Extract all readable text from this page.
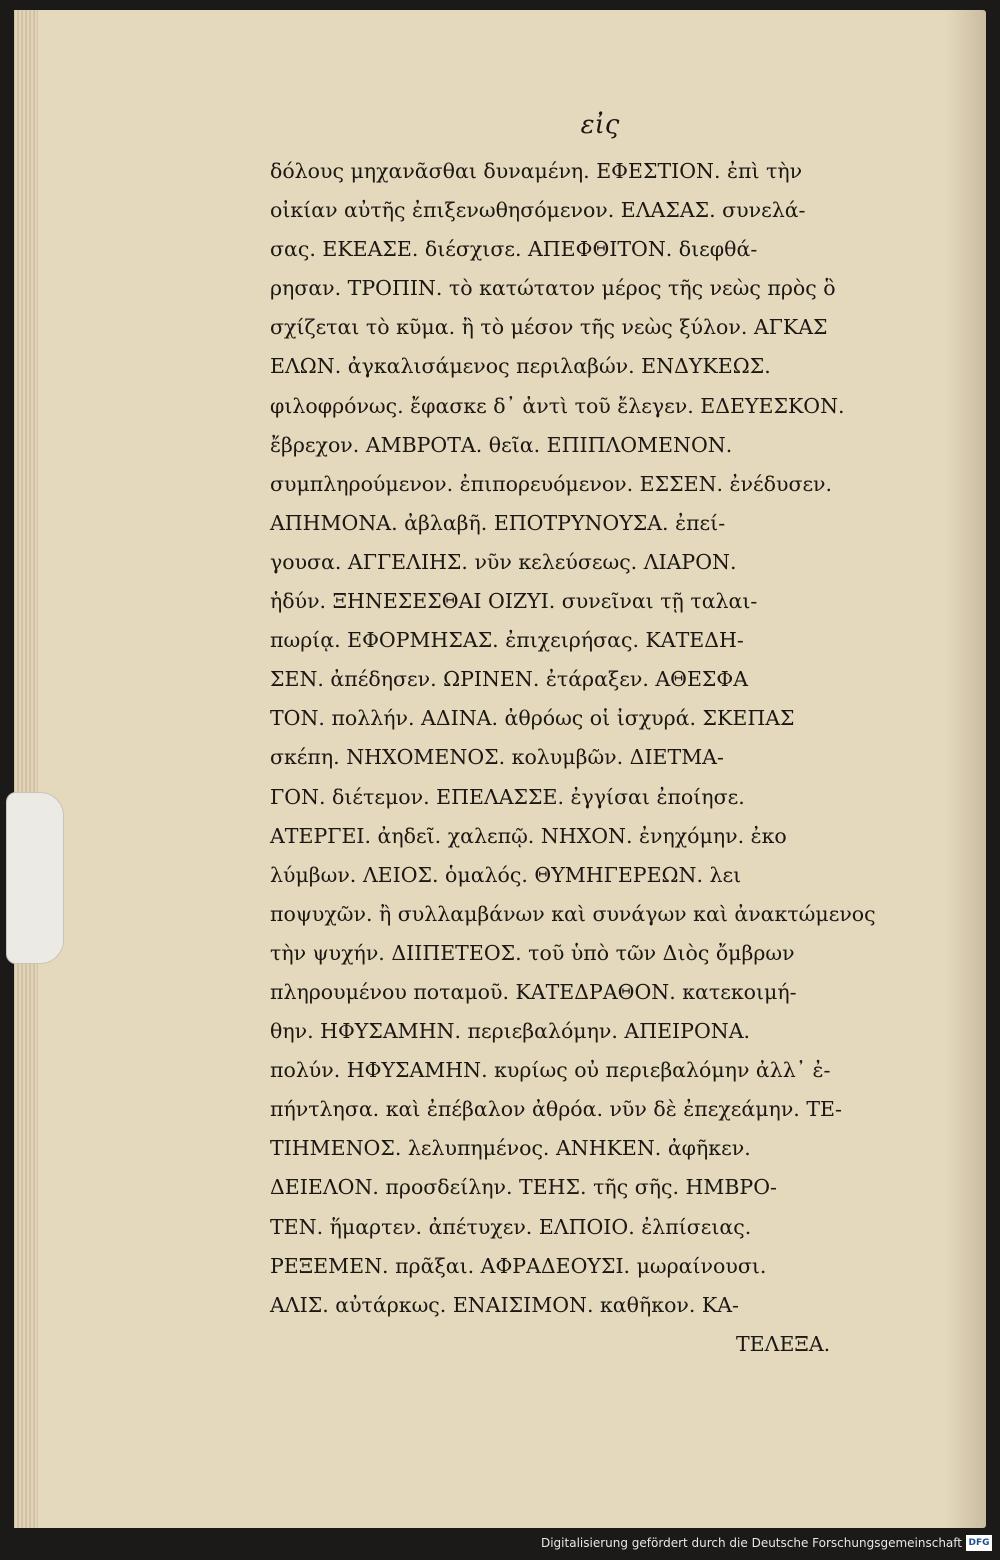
εἰς
δόλους μηχανᾶσθαι δυναμένη. ΕΦΕΣΤΙΟΝ. ἐπὶ τὴν
οἰκίαν αὐτῆς ἐπιξενωθησόμενον. ΕΛΑΣΑΣ. συνελά-
σας. ΕΚΕΑΣΕ. διέσχισε. ΑΠΕΦΘΙΤΟΝ. διεφθά-
ρησαν. ΤΡΟΠΙΝ. τὸ κατώτατον μέρος τῆς νεὼς πρὸς ὃ
σχίζεται τὸ κῦμα. ἢ τὸ μέσον τῆς νεὼς ξύλον. ΑΓΚΑΣ
ΕΛΩΝ. ἀγκαλισάμενος περιλαβών. ΕΝΔΥΚΕΩΣ.
φιλοφρόνως. ἔφασκε δ᾽ ἀντὶ τοῦ ἔλεγεν. ΕΔΕΥΕΣΚΟΝ.
ἔβρεχον. ΑΜΒΡΟΤΑ. θεῖα. ΕΠΙΠΛΟΜΕΝΟΝ.
συμπληρούμενον. ἐπιπορευόμενον. ΕΣΣΕΝ. ἐνέδυσεν.
ΑΠΗΜΟΝΑ. ἀβλαβῆ. ΕΠΟΤΡΥΝΟΥΣΑ. ἐπεί-
γουσα. ΑΓΓΕΛΙΗΣ. νῦν κελεύσεως. ΛΙΑΡΟΝ.
ἡδύν. ΞΗΝΕΣΕΣΘΑΙ ΟΙΖΥΙ. συνεῖναι τῇ ταλαι-
πωρίᾳ. ΕΦΟΡΜΗΣΑΣ. ἐπιχειρήσας. ΚΑΤΕΔΗ-
ΣΕΝ. ἀπέδησεν. ΩΡΙΝΕΝ. ἐτάραξεν. ΑΘΕΣΦΑ
ΤΟΝ. πολλήν. ΑΔΙΝΑ. ἀθρόως οἱ ἰσχυρά. ΣΚΕΠΑΣ
σκέπη. ΝΗΧΟΜΕΝΟΣ. κολυμβῶν. ΔΙΕΤΜΑ-
ΓΟΝ. διέτεμον. ΕΠΕΛΑΣΣΕ. ἐγγίσαι ἐποίησε.
ΑΤΕΡΓΕΙ. ἀηδεῖ. χαλεπῷ. ΝΗΧΟΝ. ἐνηχόμην. ἐκο
λύμβων. ΛΕΙΟΣ. ὁμαλός. ΘΥΜΗΓΕΡΕΩΝ. λει
ποψυχῶν. ἢ συλλαμβάνων καὶ συνάγων καὶ ἀνακτώμενος
τὴν ψυχήν. ΔΙΙΠΕΤΕΟΣ. τοῦ ὑπὸ τῶν Διὸς ὄμβρων
πληρουμένου ποταμοῦ. ΚΑΤΕΔΡΑΘΟΝ. κατεκοιμή-
θην. ΗΦΥΣΑΜΗΝ. περιεβαλόμην. ΑΠΕΙΡΟΝΑ.
πολύν. ΗΦΥΣΑΜΗΝ. κυρίως οὐ περιεβαλόμην ἀλλ᾽ ἐ-
πήντλησα. καὶ ἐπέβαλον ἀθρόα. νῦν δὲ ἐπεχεάμην. ΤΕ-
ΤΙΗΜΕΝΟΣ. λελυπημένος. ΑΝΗΚΕΝ. ἀφῆκεν.
ΔΕΙΕΛΟΝ. προσδείλην. ΤΕΗΣ. τῆς σῆς. ΗΜΒΡΟ-
ΤΕΝ. ἥμαρτεν. ἀπέτυχεν. ΕΛΠΟΙΟ. ἐλπίσειας.
ΡΕΞΕΜΕΝ. πρᾶξαι. ΑΦΡΑΔΕΟΥΣΙ. μωραίνουσι.
ΑΛΙΣ. αὐτάρκως. ΕΝΑΙΣΙΜΟΝ. καθῆκον. ΚΑ-
ΤΕΛΕΞΑ.
Digitalisierung gefördert durch die Deutsche Forschungsgemeinschaft DFG
